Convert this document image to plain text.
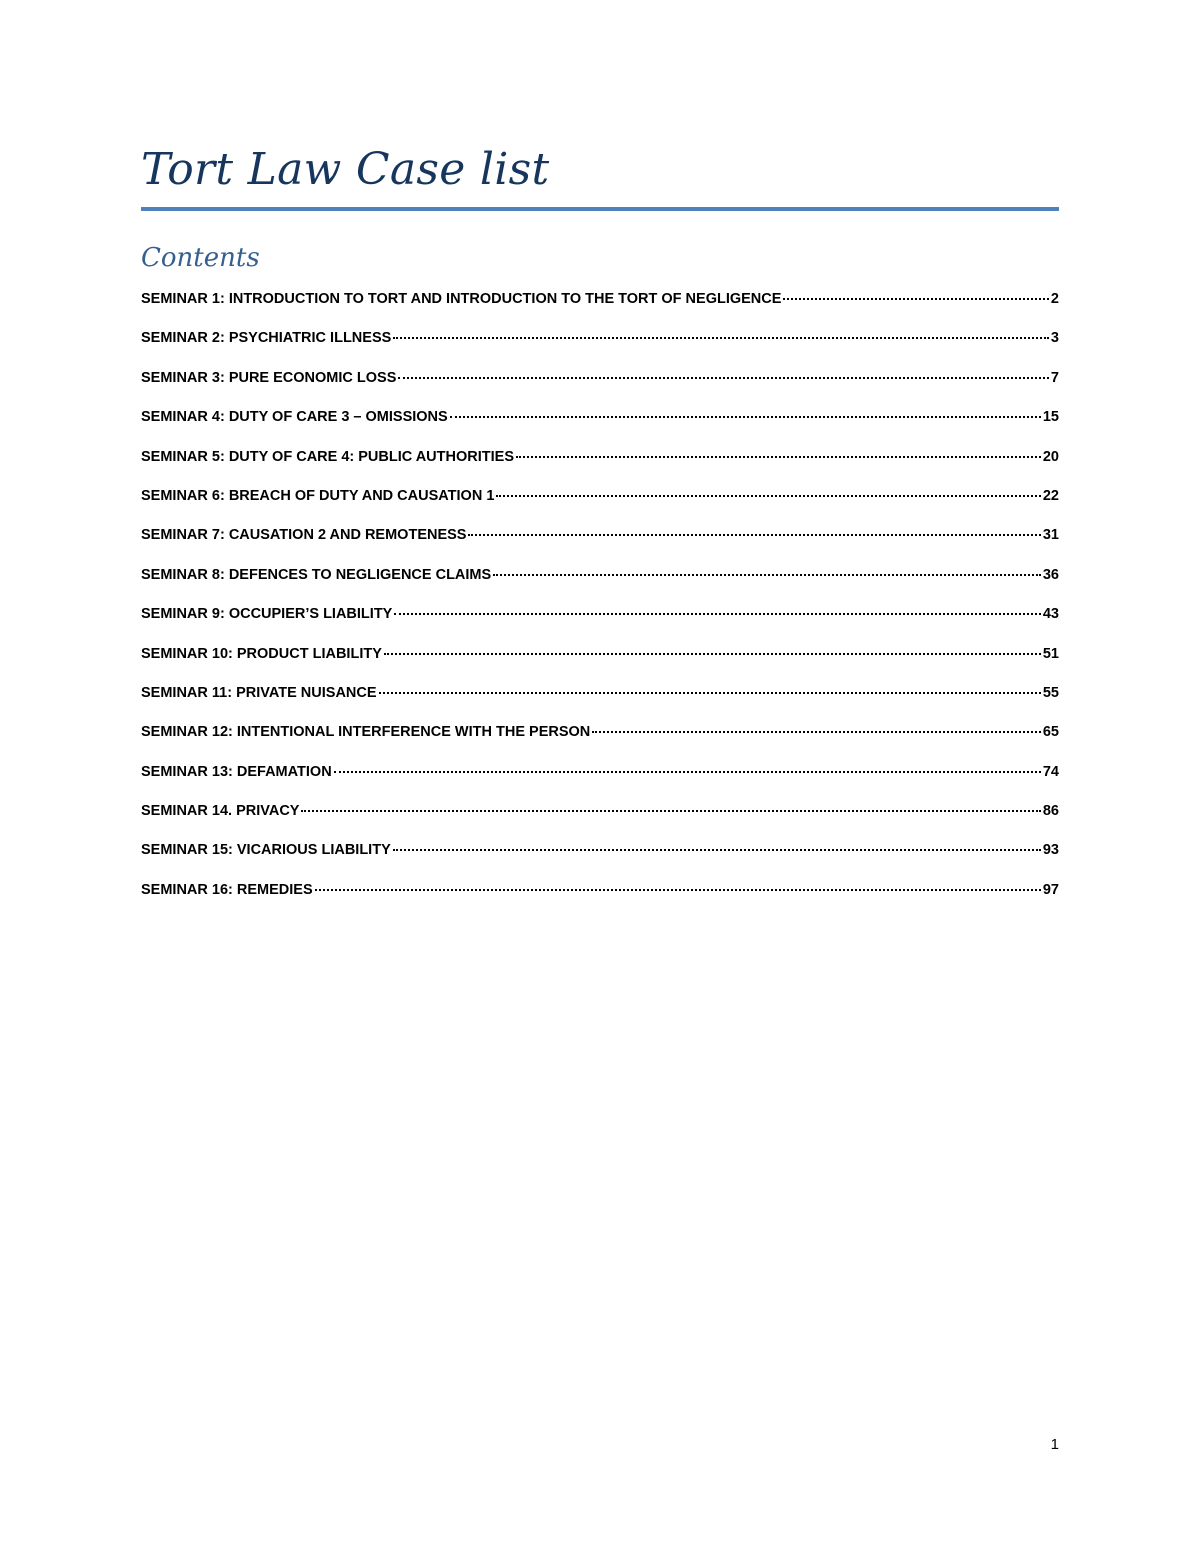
Tort Law Case list
Contents
SEMINAR 1: INTRODUCTION TO TORT AND INTRODUCTION TO THE TORT OF NEGLIGENCE	2
SEMINAR 2: PSYCHIATRIC ILLNESS	3
SEMINAR 3: PURE ECONOMIC LOSS	7
SEMINAR 4: DUTY OF CARE 3 – OMISSIONS	15
SEMINAR 5: DUTY OF CARE 4: PUBLIC AUTHORITIES	20
SEMINAR 6: BREACH OF DUTY AND CAUSATION 1	22
SEMINAR 7: CAUSATION 2 AND REMOTENESS	31
SEMINAR 8: DEFENCES TO NEGLIGENCE CLAIMS	36
SEMINAR 9: OCCUPIER’S LIABILITY	43
SEMINAR 10: PRODUCT LIABILITY	51
SEMINAR 11: PRIVATE NUISANCE	55
SEMINAR 12: INTENTIONAL INTERFERENCE WITH THE PERSON	65
SEMINAR 13: DEFAMATION	74
SEMINAR 14. PRIVACY	86
SEMINAR 15: VICARIOUS LIABILITY	93
SEMINAR 16: REMEDIES	97
1
